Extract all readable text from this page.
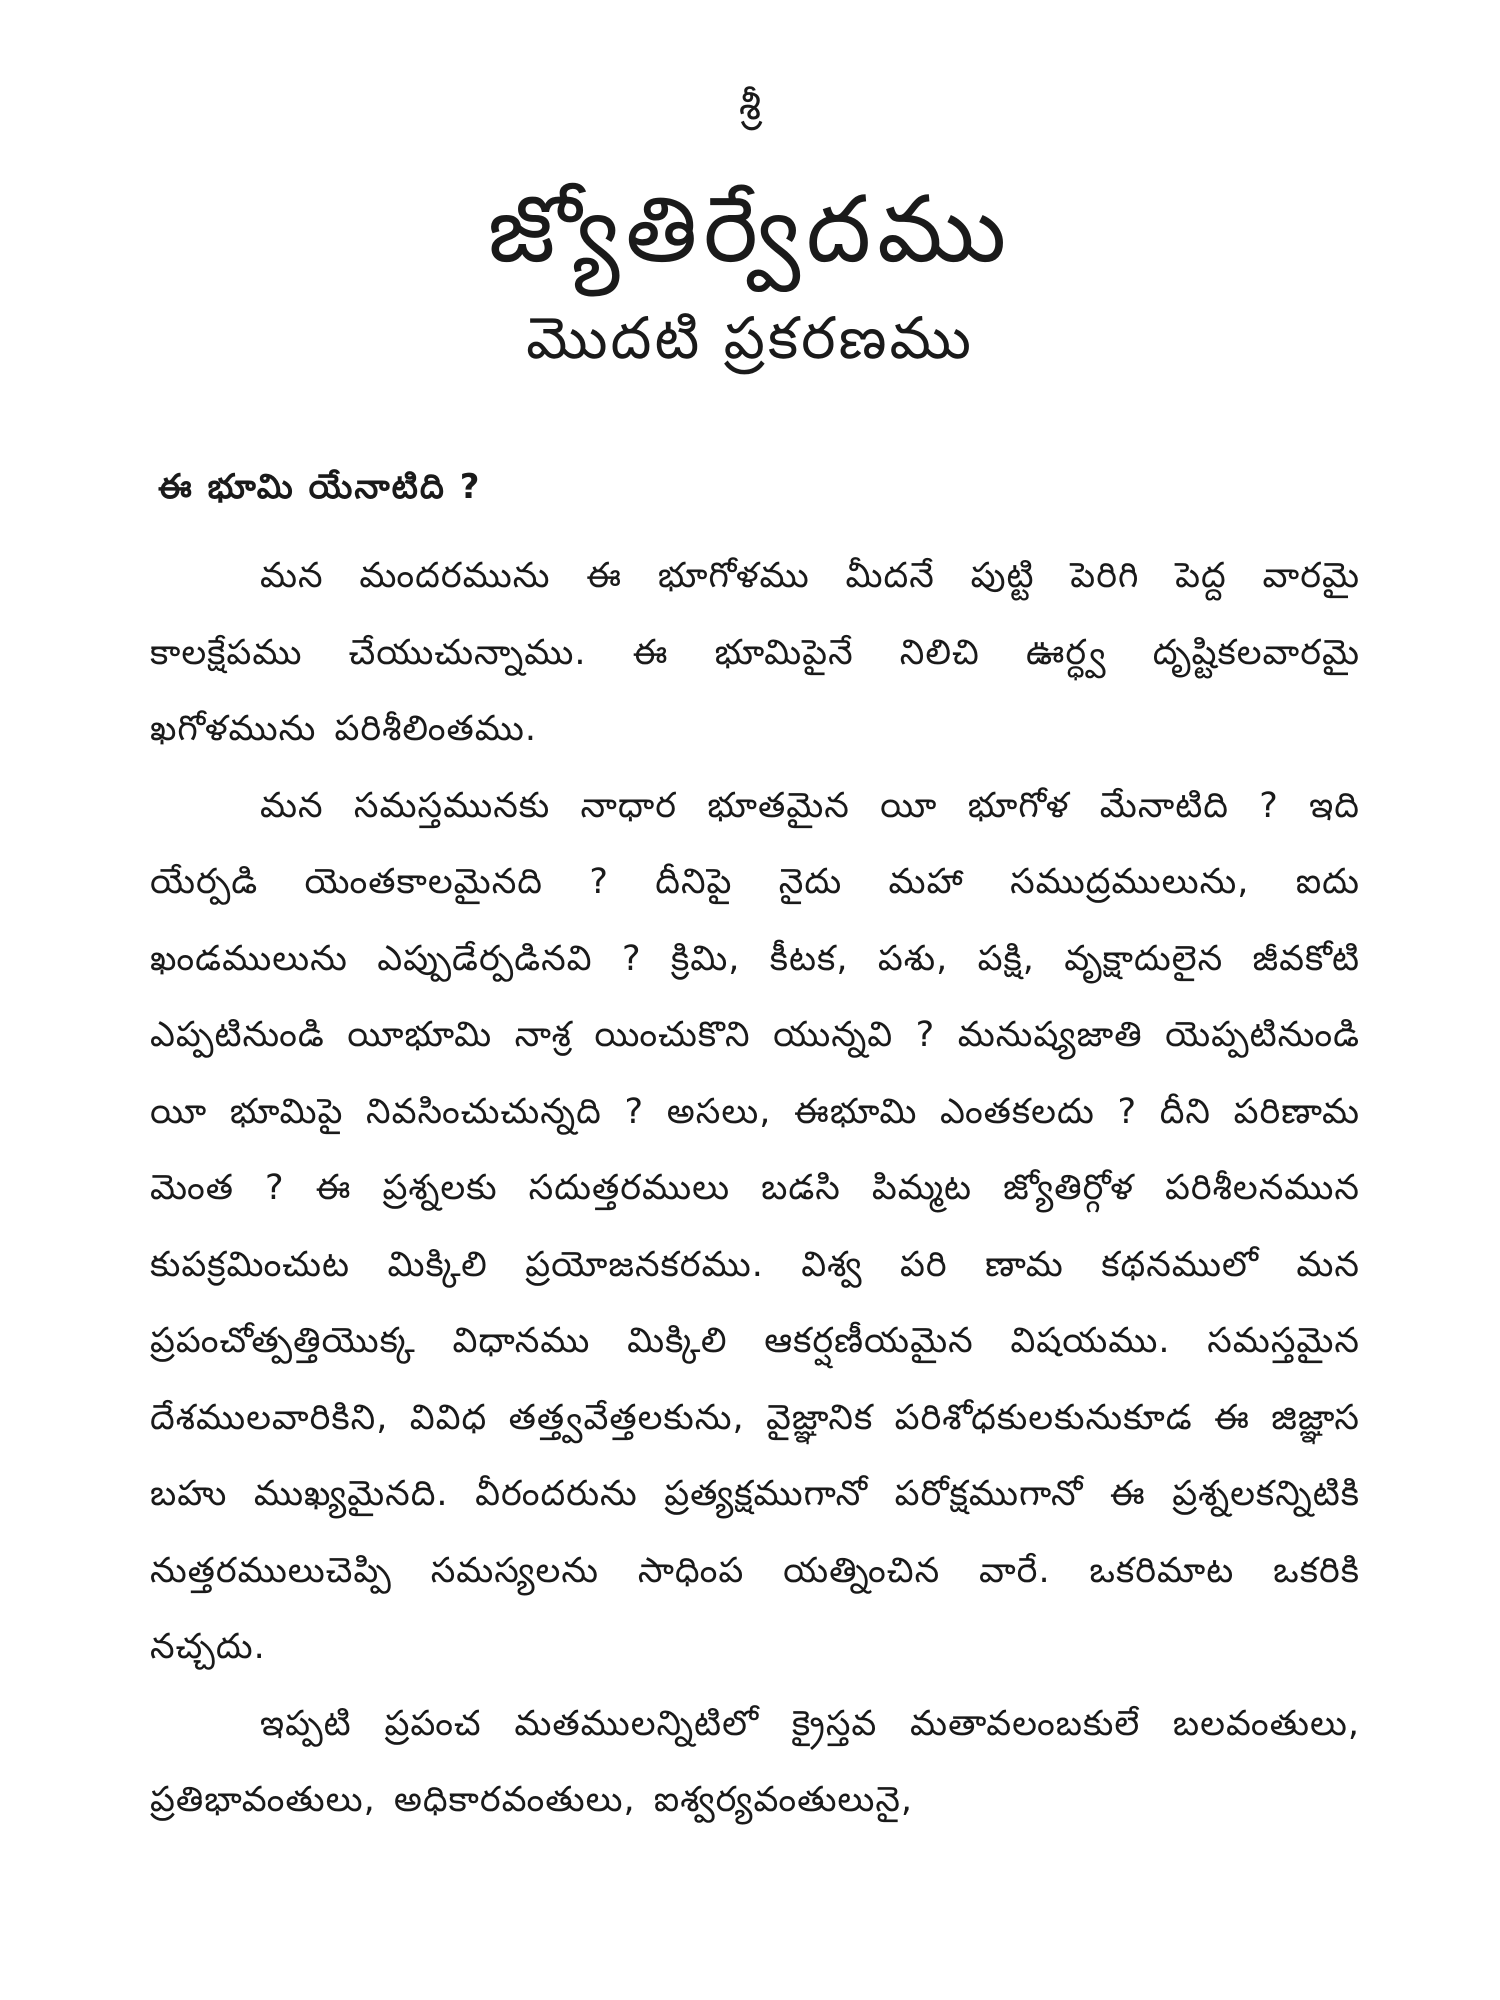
శ్రీ
జ్యోతిర్వేదము
మొదటి ప్రకరణము
ఈ భూమి యేనాటిది ?

మన మందరమును ఈ భూగోళము మీదనే పుట్టి పెరిగి పెద్ద వారమై కాలక్షేపము చేయుచున్నాము. ఈ భూమిపైనే నిలిచి ఊర్ధ్వ దృష్టికలవారమై ఖగోళమును పరిశీలింతము.

మన సమస్తమునకు నాధార భూతమైన యీ భూగోళ మేనాటిది ? ఇది యేర్పడి యెంతకాలమైనది ? దీనిపై నైదు మహా సముద్రములును, ఐదు ఖండములును ఎప్పుడేర్పడినవి ? క్రిమి, కీటక, పశు, పక్షి, వృక్షాదులైన జీవకోటి ఎప్పటినుండి యీభూమి నాశ్ర యించుకొని యున్నవి ? మనుష్యజాతి యెప్పటినుండి యీ భూమిపై నివసించుచున్నది ? అసలు, ఈభూమి ఎంతకలదు ? దీని పరిణామ మెంత ? ఈ ప్రశ్నలకు సదుత్తరములు బడసి పిమ్మట జ్యోతిర్గోళ పరిశీలనమున కుపక్రమించుట మిక్కిలి ప్రయోజనకరము. విశ్వ పరి ణామ కథనములో మన ప్రపంచోత్పత్తియొక్క విధానము మిక్కిలి ఆకర్షణీయమైన విషయము. సమస్తమైన దేశములవారికిని, వివిధ తత్త్వవేత్తలకును, వైజ్ఞానిక పరిశోధకులకునుకూడ ఈ జిజ్ఞాస బహు ముఖ్యమైనది. వీరందరును ప్రత్యక్షముగానో పరోక్షముగానో ఈ ప్రశ్నలకన్నిటికి నుత్తరములుచెప్పి సమస్యలను సాధింప యత్నించిన వారే. ఒకరిమాట ఒకరికి నచ్చదు.

ఇప్పటి ప్రపంచ మతములన్నిటిలో క్రైస్తవ మతావలంబకులే బలవంతులు, ప్రతిభావంతులు, అధికారవంతులు, ఐశ్వర్యవంతులునై,
